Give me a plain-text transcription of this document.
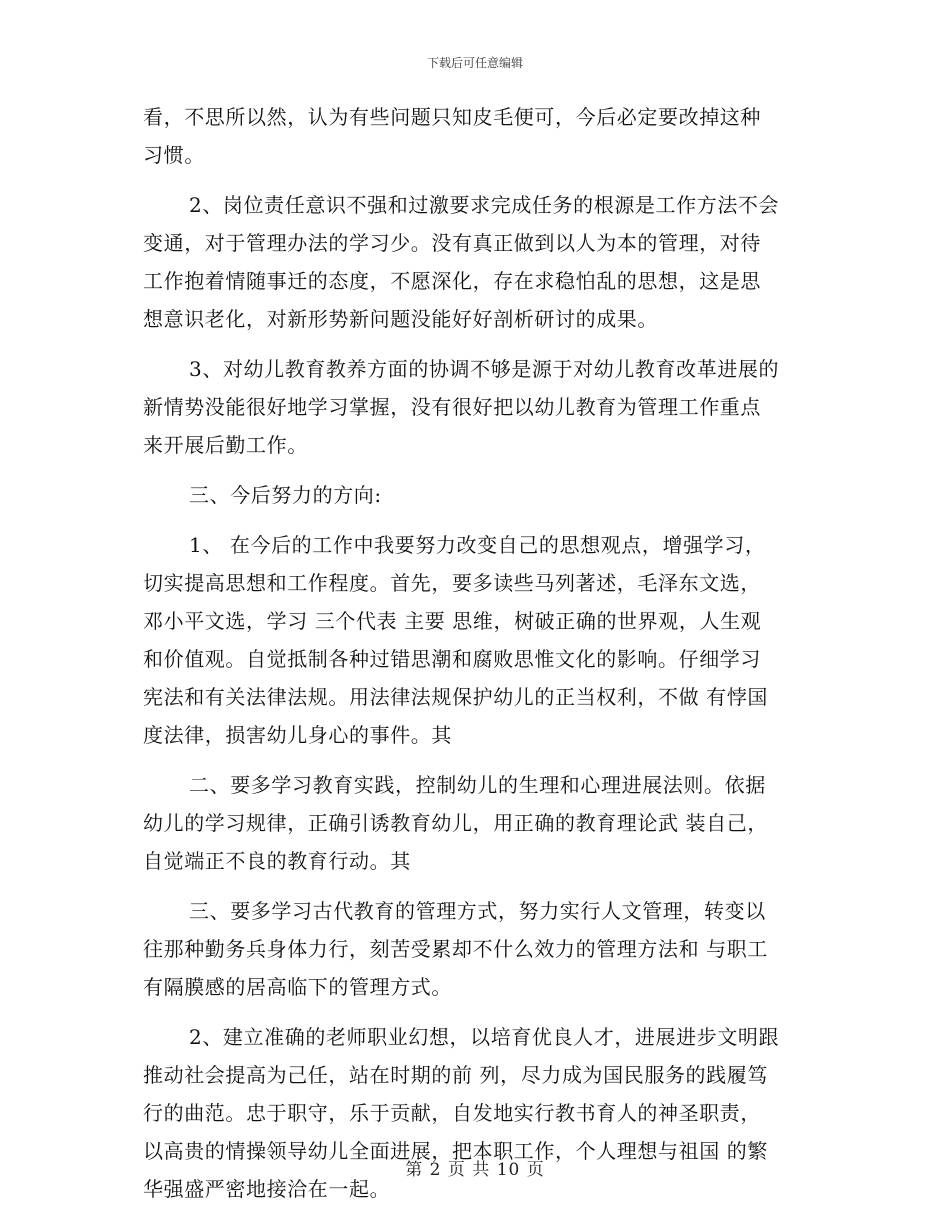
下载后可任意编辑
看，不思所以然，认为有些问题只知皮毛便可，今后必定要改掉这种
习惯。
2、岗位责任意识不强和过激要求完成任务的根源是工作方法不会
变通，对于管理办法的学习少。没有真正做到以人为本的管理，对待
工作抱着情随事迁的态度，不愿深化，存在求稳怕乱的思想，这是思
想意识老化，对新形势新问题没能好好剖析研讨的成果。
3、对幼儿教育教养方面的协调不够是源于对幼儿教育改革进展的
新情势没能很好地学习掌握，没有很好把以幼儿教育为管理工作重点
来开展后勤工作。
三、今后努力的方向:
1、 在今后的工作中我要努力改变自己的思想观点，增强学习，
切实提高思想和工作程度。首先，要多读些马列著述，毛泽东文选，
邓小平文选，学习 三个代表 主要 思维，树破正确的世界观，人生观
和价值观。自觉抵制各种过错思潮和腐败思惟文化的影响。仔细学习
宪法和有关法律法规。用法律法规保护幼儿的正当权利，不做 有悖国
度法律，损害幼儿身心的事件。其
二、要多学习教育实践，控制幼儿的生理和心理进展法则。依据
幼儿的学习规律，正确引诱教育幼儿，用正确的教育理论武 装自己，
自觉端正不良的教育行动。其
三、要多学习古代教育的管理方式，努力实行人文管理，转变以
往那种勤务兵身体力行，刻苦受累却不什么效力的管理方法和 与职工
有隔膜感的居高临下的管理方式。
2、建立准确的老师职业幻想，以培育优良人才，进展进步文明跟
推动社会提高为己任，站在时期的前 列，尽力成为国民服务的践履笃
行的曲范。忠于职守，乐于贡献，自发地实行教书育人的神圣职责，
以高贵的情操领导幼儿全面进展，把本职工作，个人理想与祖国 的繁
华强盛严密地接洽在一起。
第 2 页 共 10 页
